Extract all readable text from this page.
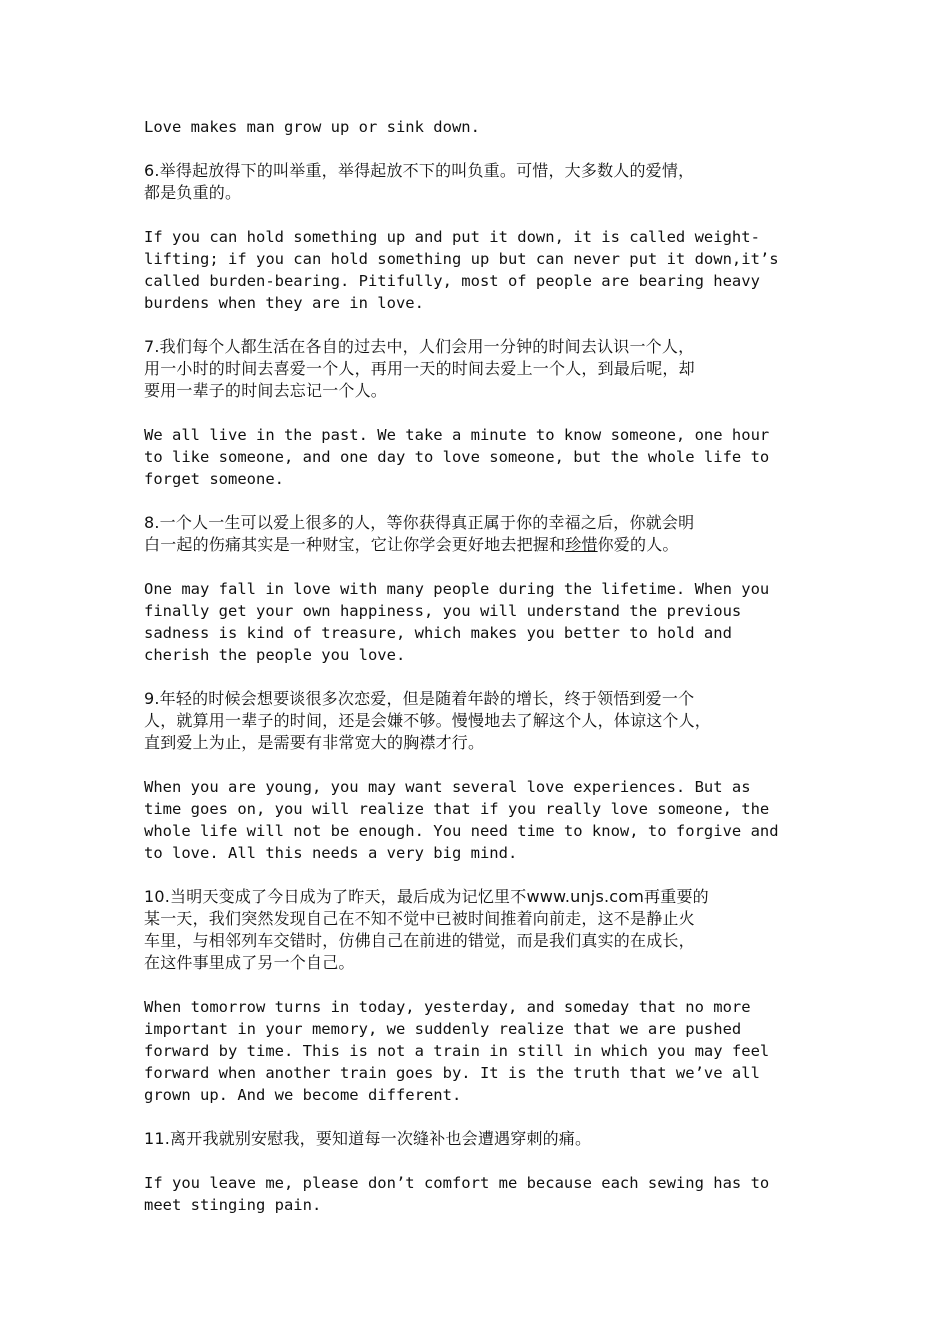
Love makes man grow up or sink down.
6.举得起放得下的叫举重，举得起放不下的叫负重。可惜，大多数人的爱情，
都是负重的。
If you can hold something up and put it down, it is called weight-
lifting; if you can hold something up but can never put it down,it’s
called burden-bearing. Pitifully, most of people are bearing heavy
burdens when they are in love.
7.我们每个人都生活在各自的过去中，人们会用一分钟的时间去认识一个人，
用一小时的时间去喜爱一个人，再用一天的时间去爱上一个人，到最后呢，却
要用一辈子的时间去忘记一个人。
We all live in the past. We take a minute to know someone, one hour
to like someone, and one day to love someone, but the whole life to
forget someone.
8.一个人一生可以爱上很多的人，等你获得真正属于你的幸福之后，你就会明
白一起的伤痛其实是一种财宝，它让你学会更好地去把握和珍惜你爱的人。
One may fall in love with many people during the lifetime. When you
finally get your own happiness, you will understand the previous
sadness is kind of treasure, which makes you better to hold and
cherish the people you love.
9.年轻的时候会想要谈很多次恋爱，但是随着年龄的增长，终于领悟到爱一个
人，就算用一辈子的时间，还是会嫌不够。慢慢地去了解这个人，体谅这个人，
直到爱上为止，是需要有非常宽大的胸襟才行。
When you are young, you may want several love experiences. But as
time goes on, you will realize that if you really love someone, the
whole life will not be enough. You need time to know, to forgive and
to love. All this needs a very big mind.
10.当明天变成了今日成为了昨天，最后成为记忆里不www.unjs.com再重要的
某一天，我们突然发现自己在不知不觉中已被时间推着向前走，这不是静止火
车里，与相邻列车交错时，仿佛自己在前进的错觉，而是我们真实的在成长，
在这件事里成了另一个自己。
When tomorrow turns in today, yesterday, and someday that no more
important in your memory, we suddenly realize that we are pushed
forward by time. This is not a train in still in which you may feel
forward when another train goes by. It is the truth that we’ve all
grown up. And we become different.
11.离开我就别安慰我，要知道每一次缝补也会遭遇穿刺的痛。
If you leave me, please don’t comfort me because each sewing has to
meet stinging pain.
